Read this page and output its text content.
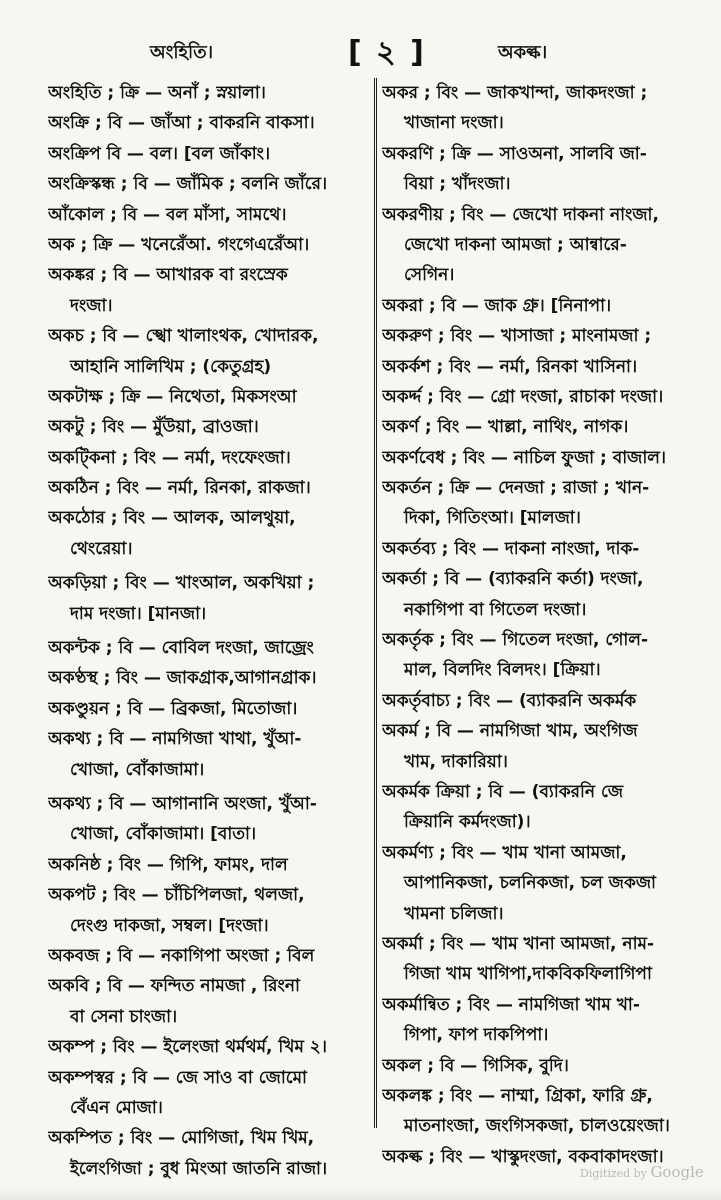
অংহিতি।	[ ২ ]	অকল্ক।
অংহিতি ; ক্রি — অনাঁ ; স্নয়ালা।
অংক্রি ; বি — জাঁআ ; বাকরনি বাকসা।
অংক্রিপ বি — বল। [বল জাঁকাং।
অংক্রিস্কন্ধ ; বি — জাঁমিক ; বলনি জাঁরে।
আঁকোল ; বি — বল মাঁসা, সামথে।
অক ; ক্রি — খনেরেঁআ. গংগেএরেঁআ।
অকঙ্কর ; বি — আখারক বা রংস্রেক
দংজা।
অকচ ; বি — স্খো খালাংথক, খোদারক,
আহানি সালিখিম ; (কেতুগ্রহ)
অকটাক্ষ ; ক্রি — নিথেতা, মিকসংআ
অকটু ; বিং — মুঁউয়া, ব্রাওজা।
অকট্কিনা ; বিং — নর্মা, দংফেংজা।
অকঠিন ; বিং — নর্মা, রিনকা, রাকজা।
অকঠোর ; বিং — আলক, আলথুয়া,
থেংরেয়া।
অকড়িয়া ; বিং — খাংআল, অকখিয়া ;
দাম দংজা। [মানজা।
অকন্টক ; বি — বোবিল দংজা, জাজ্রেং
অকণ্ঠস্থ ; বিং — জাকগ্রাক,আগানগ্রাক।
অকণ্ডুয়ন ; বি — ব্রিকজা, মিতোজা।
অকথ্য ; বি — নামগিজা খাথা, খুঁআ-
খোজা, বোঁকাজামা।
অকথ্য ; বি — আগানানি অংজা, খুঁআ-
খোজা, বোঁকাজামা। [বাতা।
অকনিষ্ঠ ; বিং — গিপি, ফামং, দাল
অকপট ; বিং — চাঁচিপিলজা, থলজা,
দেংগু দাকজা, সম্বল। [দংজা।
অকবজ ; বি — নকাগিপা অংজা ; বিল
অকবি ; বি — ফন্দিত নামজা , রিংনা
বা সেনা চাংজা।
অকম্প ; বিং — ইলেংজা থর্মথর্ম, খিম ২।
অকম্পস্বর ; বি — জে সাও বা জোমো
বেঁএন মোজা।
অকম্পিত ; বিং — মোগিজা, খিম খিম,
ইলেংগিজা ; বুধ মিংআ জাতনি রাজা।
অকর ; বিং — জাকখান্দা, জাকদংজা ;
খাজানা দংজা।
অকরণি ; ক্রি — সাওঅনা, সালবি জা-
বিয়া ; খাঁদংজা।
অকরণীয় ; বিং — জেখো দাকনা নাংজা,
জেখো দাকনা আমজা ; আন্বারে-
সেগিন।
অকরা ; বি — জাক গ্রু। [নিনাপা।
অকরুণ ; বিং — খাসাজা ; মাংনামজা ;
অকর্কশ ; বিং — নর্মা, রিনকা খাসিনা।
অকর্দ্দ ; বিং — গ্রো দংজা, রাচাকা দংজা।
অকর্ণ ; বিং — খাল্লা, নাথিং, নাগক।
অকর্ণবেধ ; বিং — নাচিল ফুজা ; বাজাল।
অকর্তন ; ক্রি — দেনজা ; রাজা ; খান-
দিকা, গিতিংআ। [মালজা।
অকর্তব্য ; বিং — দাকনা নাংজা, দাক-
অকর্তা ; বি — (ব্যাকরনি কর্তা) দংজা,
নকাগিপা বা গিতেল দংজা।
অকর্তৃক ; বিং — গিতেল দংজা, গোল-
মাল, বিলদিং বিলদং। [ক্রিয়া।
অকর্তৃবাচ্য ; বিং — (ব্যাকরনি অকর্মক
অকর্ম ; বি — নামগিজা খাম, অংগিজ
খাম, দাকারিয়া।
অকর্মক ক্রিয়া ; বি — (ব্যাকরনি জে
ক্রিয়ানি কর্মদংজা)।
অকর্মণ্য ; বিং — খাম খানা আমজা,
আপানিকজা, চলনিকজা, চল জকজা
খামনা চলিজা।
অকর্মা ; বিং — খাম খানা আমজা, নাম-
গিজা খাম খাগিপা,দাকবিকফিলাগিপা
অকর্মান্বিত ; বিং — নামগিজা খাম খা-
গিপা, ফাপ দাকপিপা।
অকল ; বি — গিসিক, বুদি।
অকলঙ্ক ; বিং — নাম্মা, গ্রিকা, ফারি গ্রু,
মাতনাংজা, জংগিসকজা, চালওয়েংজা।
অকল্ক ; বিং — খাস্কুদংজা, বকবাকাদংজা।
Digitized by Google
